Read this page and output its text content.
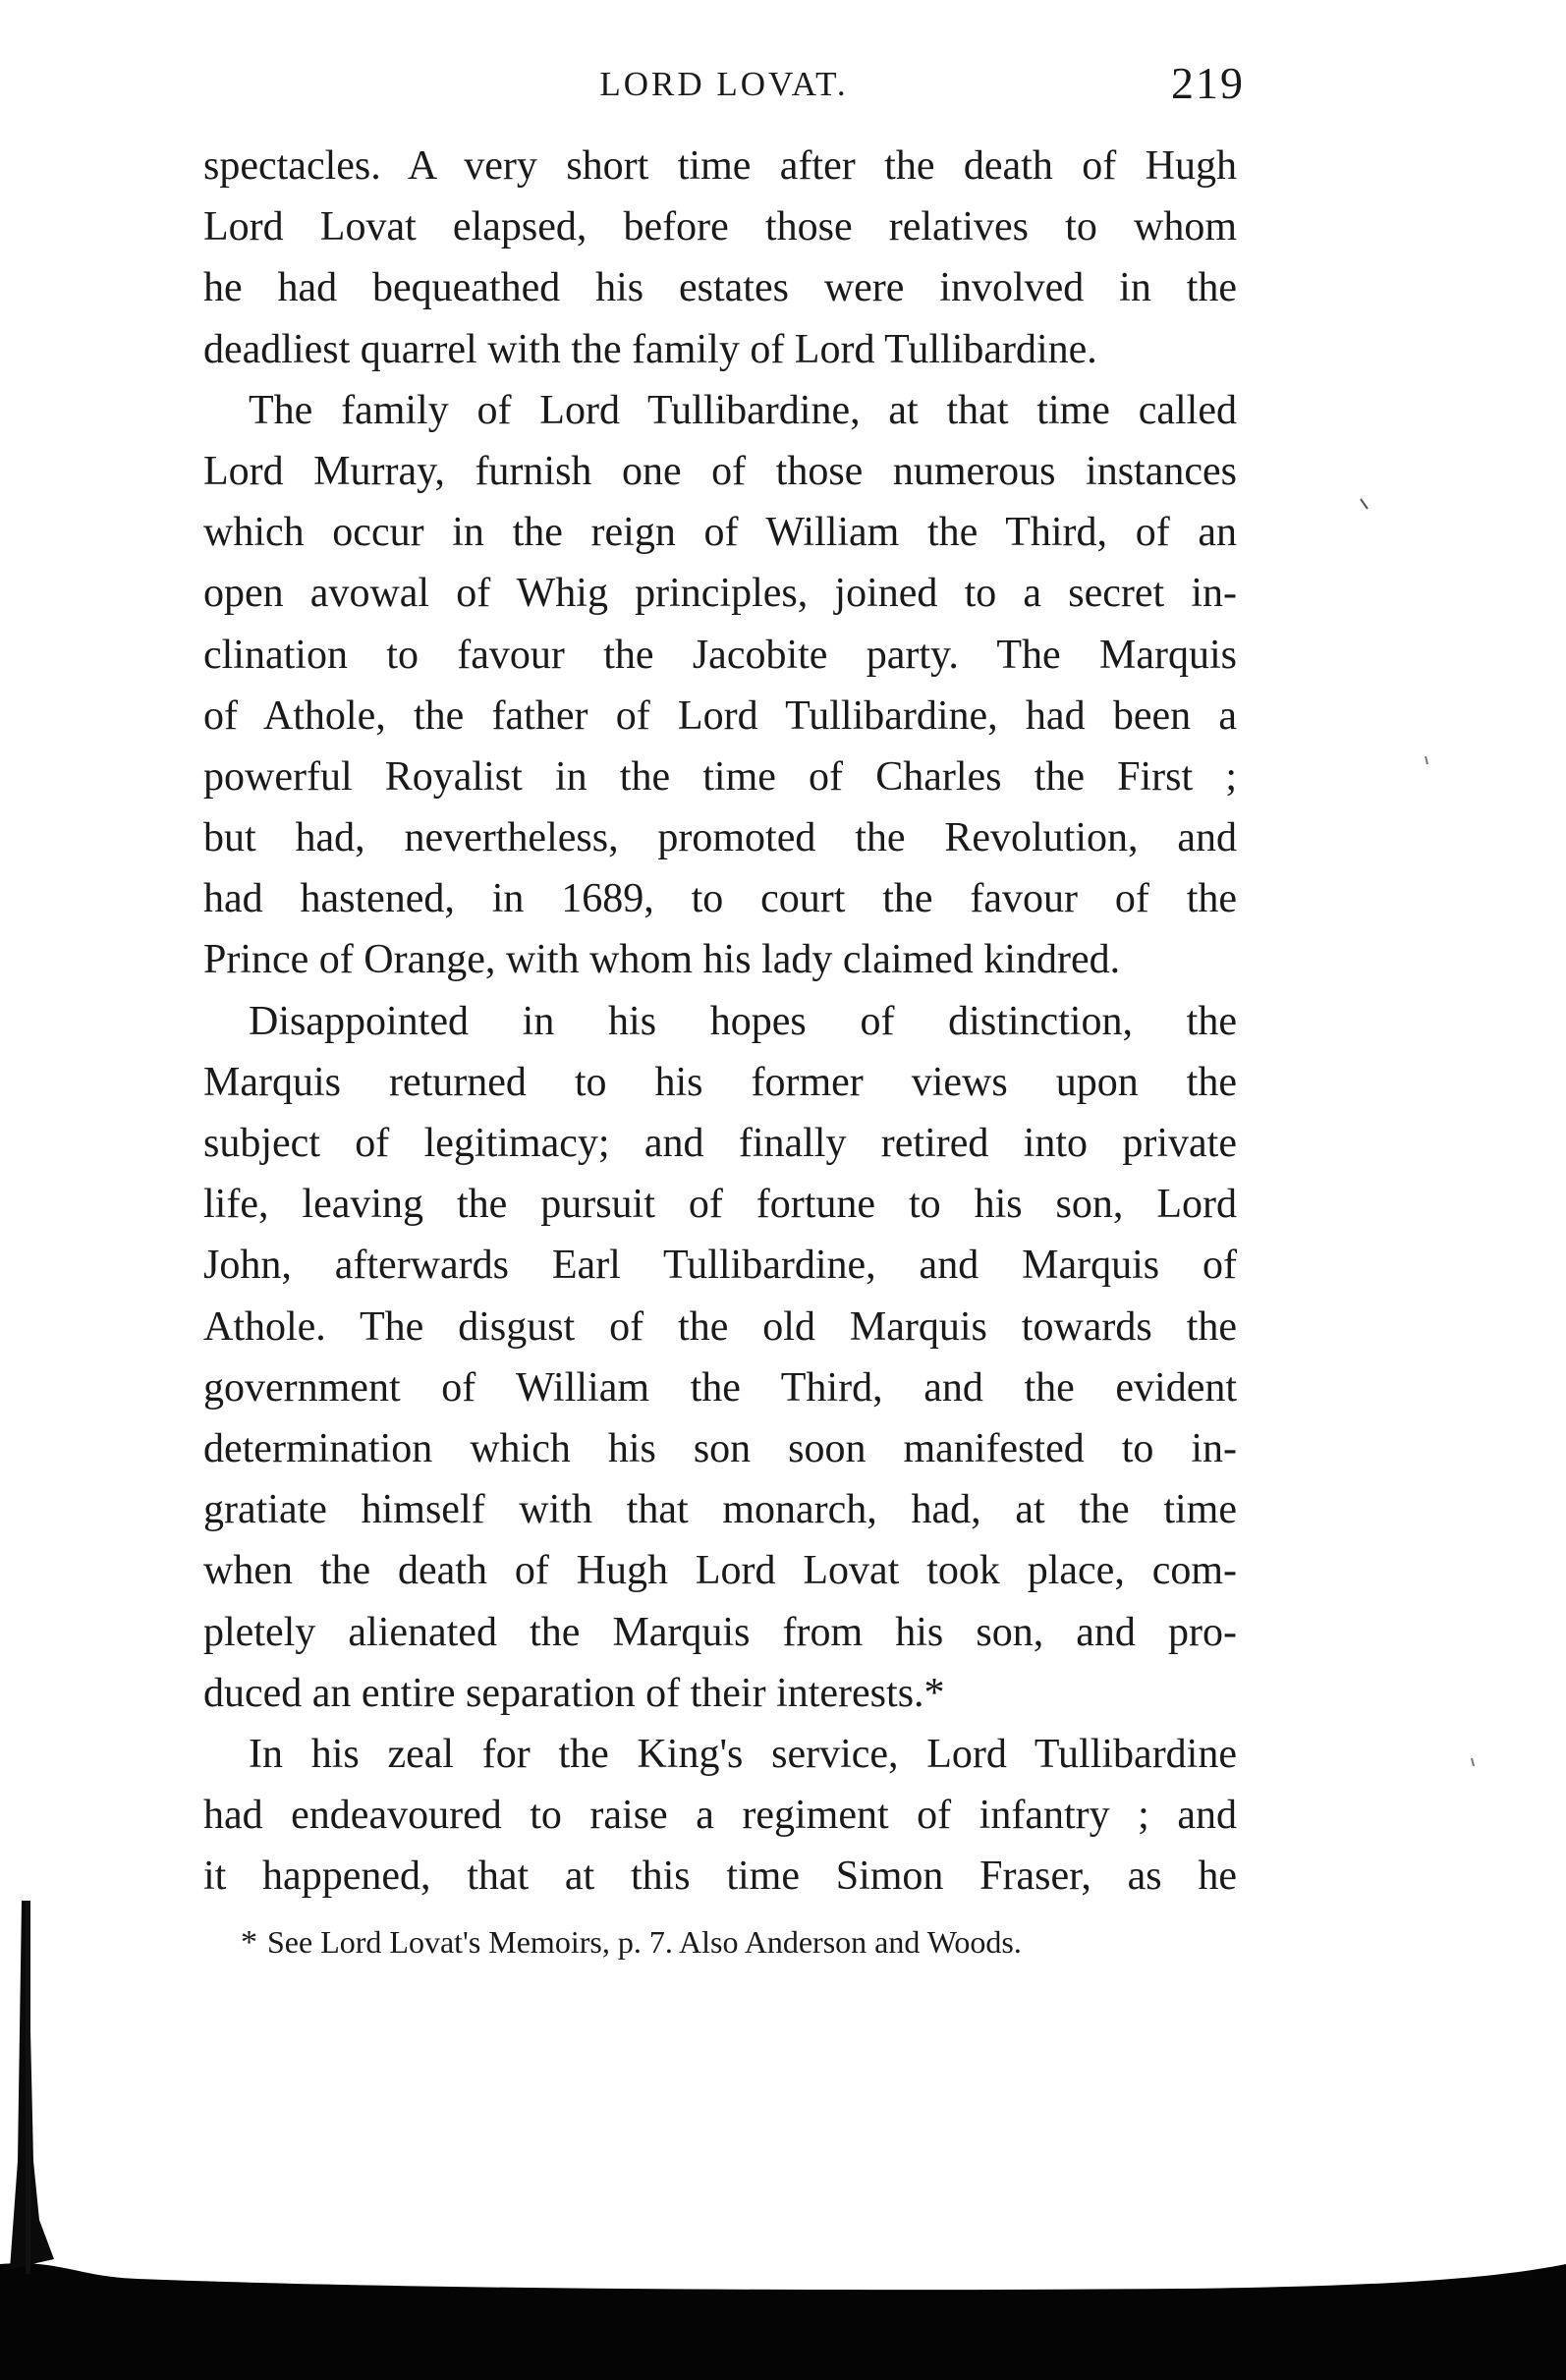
LORD LOVAT.	219
spectacles. A very short time after the death of Hugh
Lord Lovat elapsed, before those relatives to whom
he had bequeathed his estates were involved in the
deadliest quarrel with the family of Lord Tullibardine.
The family of Lord Tullibardine, at that time called
Lord Murray, furnish one of those numerous instances
which occur in the reign of William the Third, of an
open avowal of Whig principles, joined to a secret in-
clination to favour the Jacobite party. The Marquis
of Athole, the father of Lord Tullibardine, had been a
powerful Royalist in the time of Charles the First ;
but had, nevertheless, promoted the Revolution, and
had hastened, in 1689, to court the favour of the
Prince of Orange, with whom his lady claimed kindred.
Disappointed in his hopes of distinction, the
Marquis returned to his former views upon the
subject of legitimacy; and finally retired into private
life, leaving the pursuit of fortune to his son, Lord
John, afterwards Earl Tullibardine, and Marquis of
Athole. The disgust of the old Marquis towards the
government of William the Third, and the evident
determination which his son soon manifested to in-
gratiate himself with that monarch, had, at the time
when the death of Hugh Lord Lovat took place, com-
pletely alienated the Marquis from his son, and pro-
duced an entire separation of their interests.*
In his zeal for the King's service, Lord Tullibardine
had endeavoured to raise a regiment of infantry ; and
it happened, that at this time Simon Fraser, as he
* See Lord Lovat's Memoirs, p. 7. Also Anderson and Woods.
